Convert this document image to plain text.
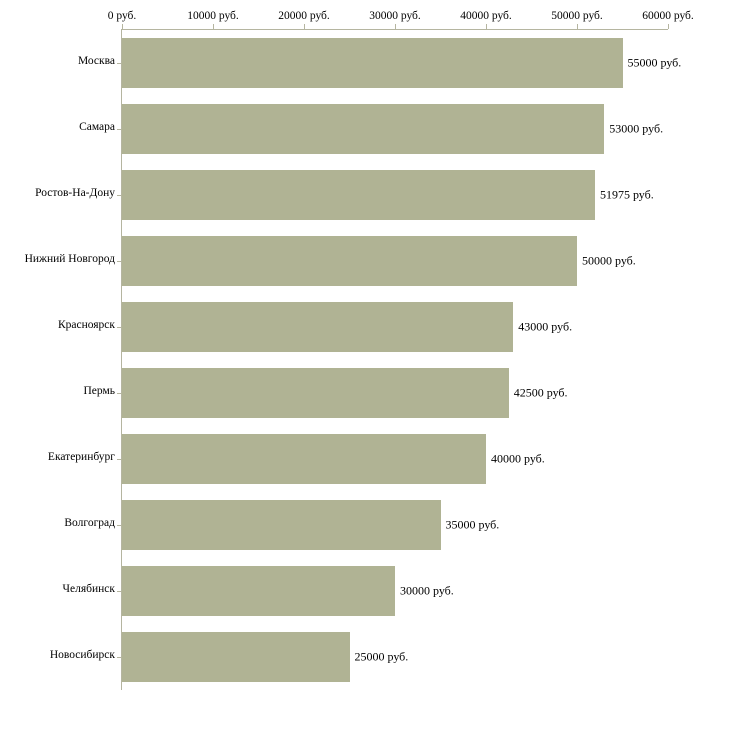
0 руб.	10000 руб.	20000 руб.	30000 руб.	40000 руб.	50000 руб.	60000 руб.
Москва
Самара
Ростов-На-Дону
Нижний Новгород
Красноярск
Пермь
Екатеринбург
Волгоград
Челябинск
Новосибирск
55000 руб.
53000 руб.
51975 руб.
50000 руб.
43000 руб.
42500 руб.
40000 руб.
35000 руб.
30000 руб.
25000 руб.
